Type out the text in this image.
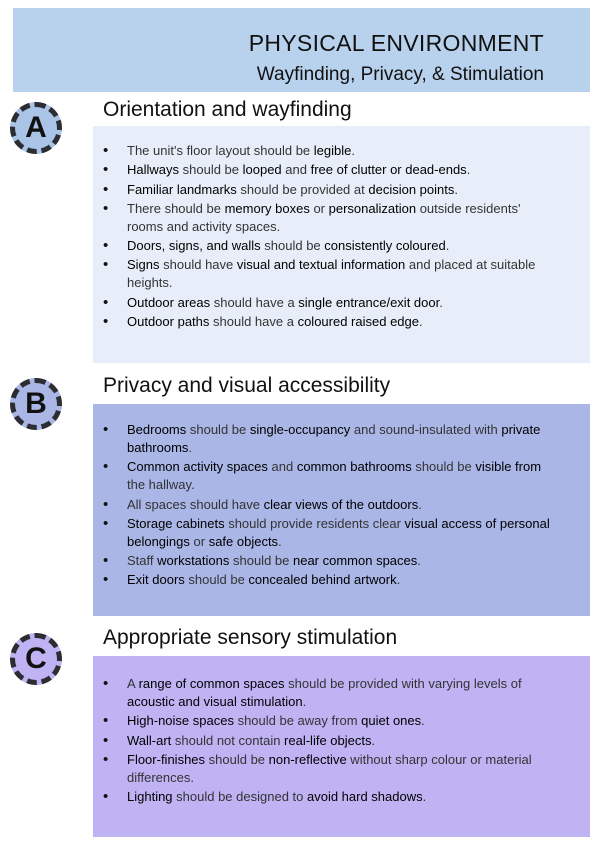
PHYSICAL ENVIRONMENT
Wayfinding, Privacy, & Stimulation
Orientation and wayfinding
A
• The unit's floor layout should be legible.
• Hallways should be looped and free of clutter or dead-ends.
• Familiar landmarks should be provided at decision points.
• There should be memory boxes or personalization outside residents' rooms and activity spaces.
• Doors, signs, and walls should be consistently coloured.
• Signs should have visual and textual information and placed at suitable heights.
• Outdoor areas should have a single entrance/exit door.
• Outdoor paths should have a coloured raised edge.
Privacy and visual accessibility
B
• Bedrooms should be single-occupancy and sound-insulated with private bathrooms.
• Common activity spaces and common bathrooms should be visible from the hallway.
• All spaces should have clear views of the outdoors.
• Storage cabinets should provide residents clear visual access of personal belongings or safe objects.
• Staff workstations should be near common spaces.
• Exit doors should be concealed behind artwork.
Appropriate sensory stimulation
C
• A range of common spaces should be provided with varying levels of acoustic and visual stimulation.
• High-noise spaces should be away from quiet ones.
• Wall-art should not contain real-life objects.
• Floor-finishes should be non-reflective without sharp colour or material differences.
• Lighting should be designed to avoid hard shadows.
